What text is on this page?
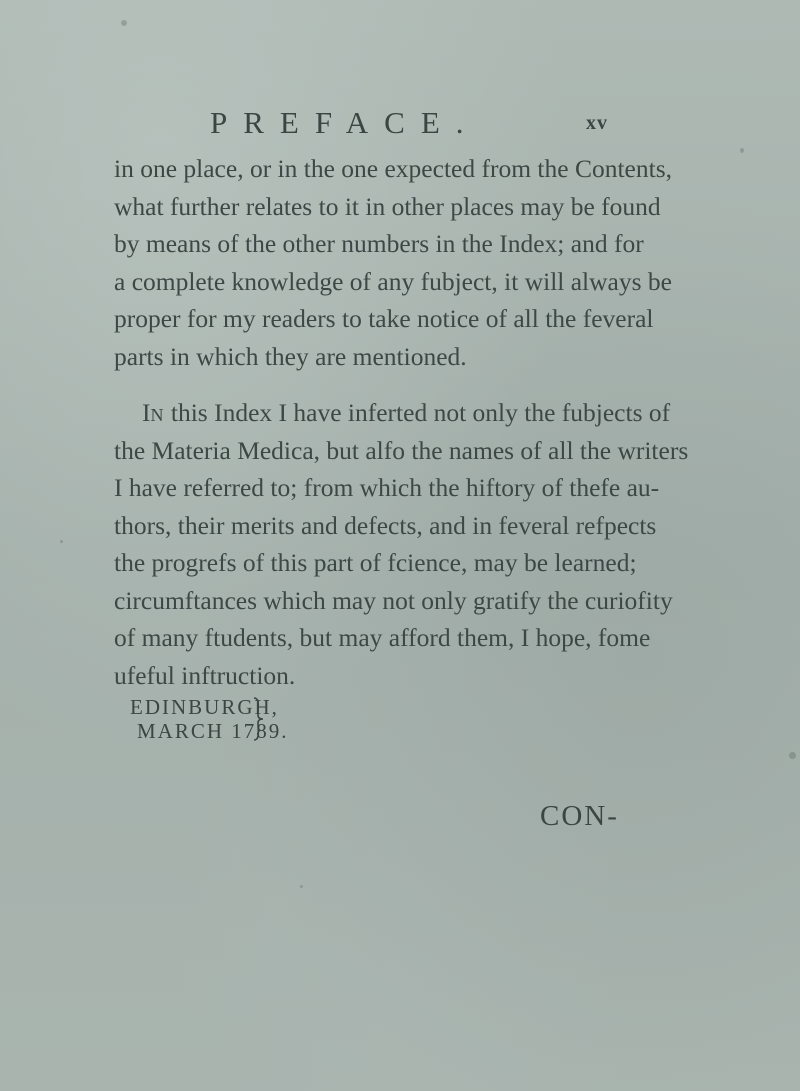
PREFACE.	xv
in one place, or in the one expected from the Contents,
what further relates to it in other places may be found
by means of the other numbers in the Index; and for
a complete knowledge of any fubject, it will always be
proper for my readers to take notice of all the feveral
parts in which they are mentioned.
IN this Index I have inferted not only the fubjects of
the Materia Medica, but alfo the names of all the writers
I have referred to; from which the hiftory of thefe au-
thors, their merits and defects, and in feveral refpects
the progrefs of this part of fcience, may be learned;
circumftances which may not only gratify the curiofity
of many ftudents, but may afford them, I hope, fome
ufeful inftruction.
EDINBURGH,
MARCH 1789.
CON-
